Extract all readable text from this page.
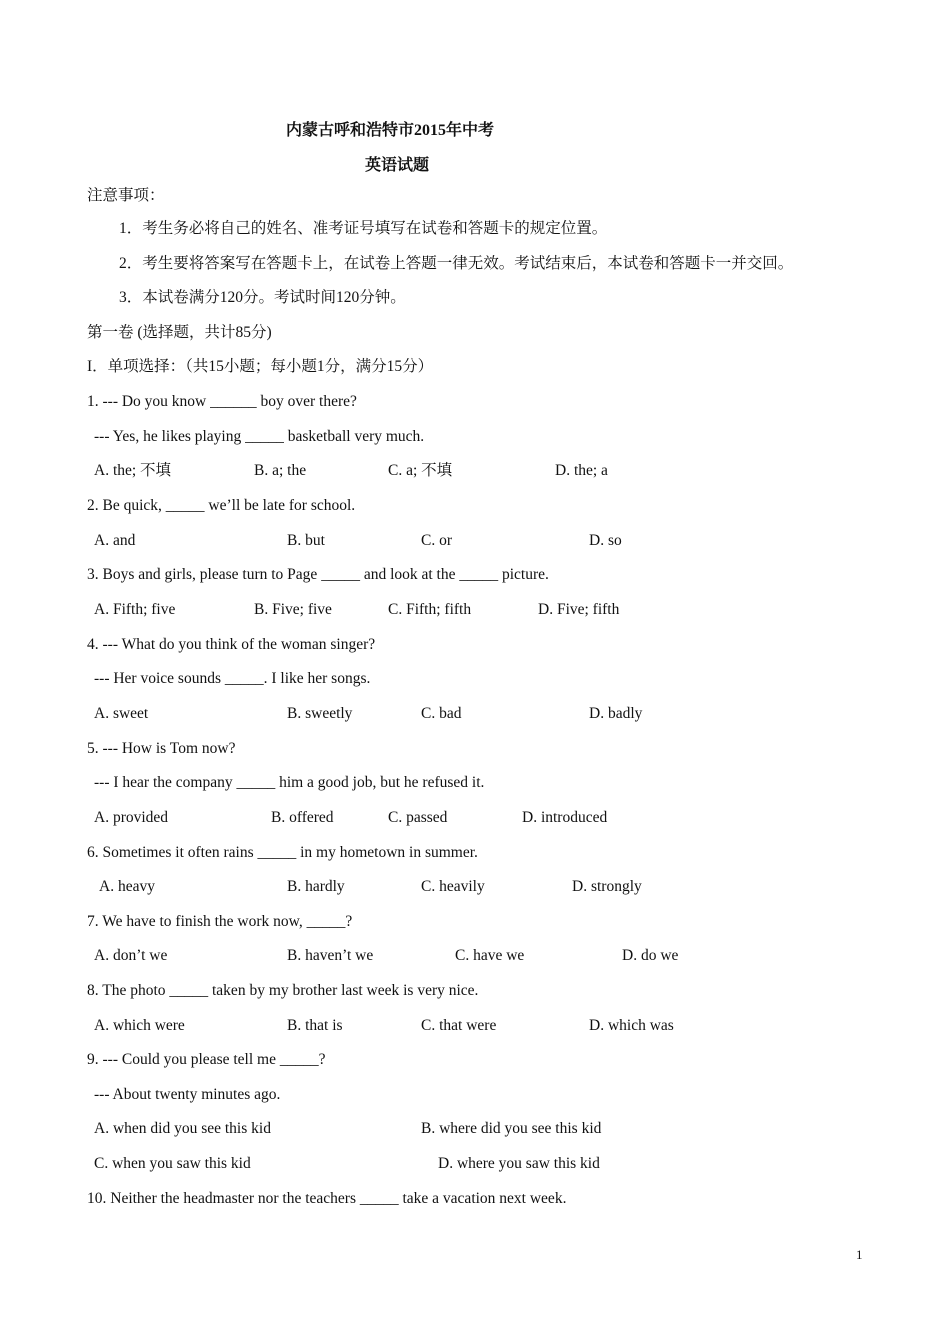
内蒙古呼和浩特市2015年中考
英语试题
注意事项：
1．考生务必将自己的姓名、准考证号填写在试卷和答题卡的规定位置。
2．考生要将答案写在答题卡上，在试卷上答题一律无效。考试结束后，本试卷和答题卡一并交回。
3．本试卷满分120分。考试时间120分钟。
第一卷 (选择题，共计85分)
I．单项选择：（共15小题；每小题1分，满分15分）
1. --- Do you know ______ boy over there?
--- Yes, he likes playing _____ basketball very much.
A. the; 不填	B. a; the	C. a; 不填	D. the; a
2. Be quick, _____ we’ll be late for school.
A. and	B. but	C. or	D. so
3. Boys and girls, please turn to Page _____ and look at the _____ picture.
A. Fifth; five	B. Five; five	C. Fifth; fifth	D. Five; fifth
4. --- What do you think of the woman singer?
--- Her voice sounds _____. I like her songs.
A. sweet	B. sweetly	C. bad	D. badly
5. --- How is Tom now?
--- I hear the company _____ him a good job, but he refused it.
A. provided	B. offered	C. passed	D. introduced
6. Sometimes it often rains _____ in my hometown in summer.
A. heavy	B. hardly	C. heavily	D. strongly
7. We have to finish the work now, _____?
A. don’t we	B. haven’t we	C. have we	D. do we
8. The photo _____ taken by my brother last week is very nice.
A. which were	B. that is	C. that were	D. which was
9. --- Could you please tell me _____?
--- About twenty minutes ago.
A. when did you see this kid	B. where did you see this kid
C. when you saw this kid	D. where you saw this kid
10. Neither the headmaster nor the teachers _____ take a vacation next week.
1
